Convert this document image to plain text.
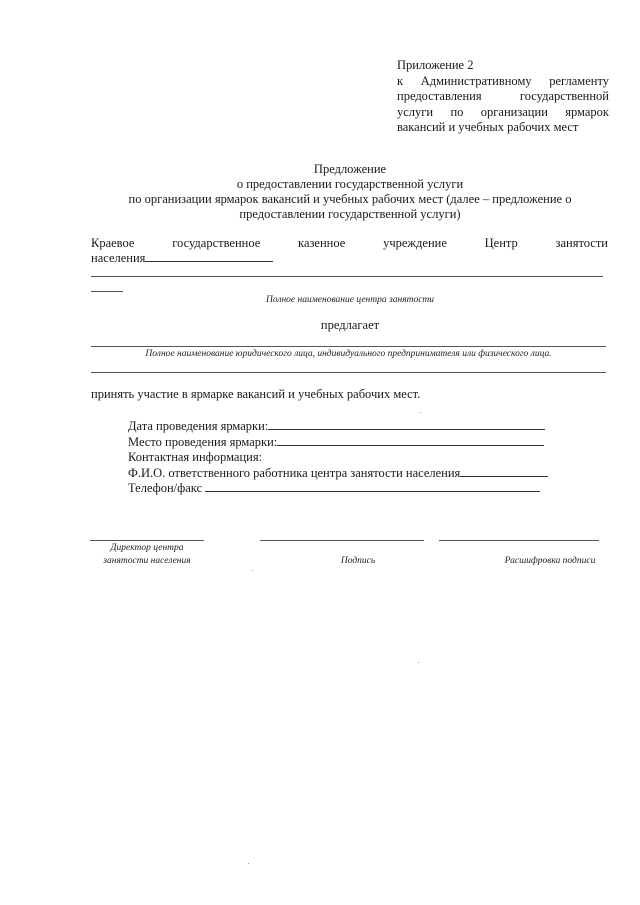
Приложение 2
к Административному регламенту
предоставления государственной
услуги по организации ярмарок
вакансий и учебных рабочих мест
Предложение
о предоставлении государственной услуги
по организации ярмарок вакансий и учебных рабочих мест (далее – предложение о
предоставлении государственной услуги)
Краевое государственное казенное учреждение Центр занятости
населения
Полное наименование центра занятости
предлагает
Полное наименование юридического лица, индивидуального предпринимателя или физического лица.
принять участие в ярмарке вакансий и учебных рабочих мест.
Дата проведения ярмарки:
Место проведения ярмарки:
Контактная информация:
Ф.И.О. ответственного работника центра занятости населения
Телефон/факс
Директор центра
занятости населения	Подпись	Расшифровка подписи
